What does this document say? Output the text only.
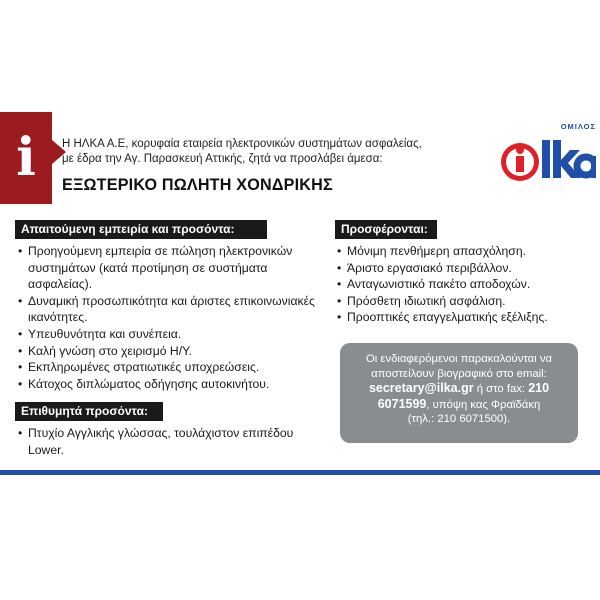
i	Η ΗΛΚΑ Α.Ε, κορυφαία εταιρεία ηλεκτρονικών συστημάτων ασφαλείας,
με έδρα την Αγ. Παρασκευή Αττικής, ζητά να προσλάβει άμεσα:
ΕΞΩΤΕΡΙΚΟ ΠΩΛΗΤΗ ΧΟΝΔΡΙΚΗΣ
ΟΜΙΛΟΣ
Απαιτούμενη εμπειρία και προσόντα:
• Προηγούμενη εμπειρία σε πώληση ηλεκτρονικών συστημάτων (κατά προτίμηση σε συστήματα ασφαλείας).
• Δυναμική προσωπικότητα και άριστες επικοινωνιακές ικανότητες.
• Υπευθυνότητα και συνέπεια.
• Καλή γνώση στο χειρισμό Η/Υ.
• Εκπληρωμένες στρατιωτικές υποχρεώσεις.
• Κάτοχος διπλώματος οδήγησης αυτοκινήτου.
Επιθυμητά προσόντα:
• Πτυχίο Αγγλικής γλώσσας, τουλάχιστον επιπέδου Lower.
Προσφέρονται:
• Μόνιμη πενθήμερη απασχόληση.
• Άριστο εργασιακό περιβάλλον.
• Ανταγωνιστικό πακέτο αποδοχών.
• Πρόσθετη ιδιωτική ασφάλιση.
• Προοπτικές επαγγελματικής εξέλιξης.
Οι ενδιαφερόμενοι παρακαλούνται να
αποστείλουν βιογραφικό στο email:
secretary@ilka.gr ή στο fax: 210
6071599, υπόψη κας Φραϊδάκη
(τηλ.: 210 6071500).
